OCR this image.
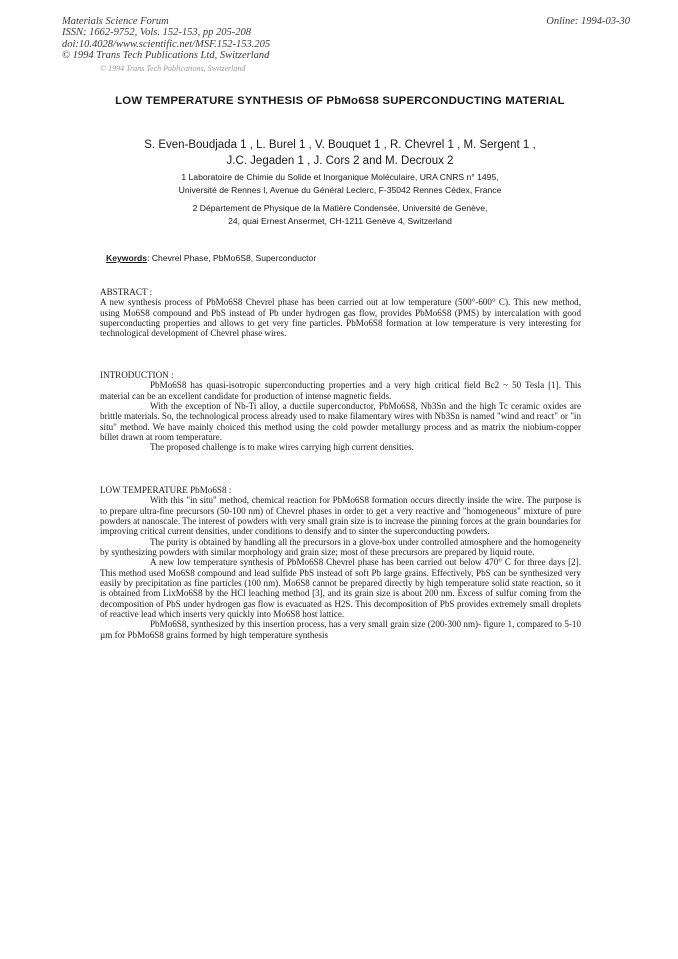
Materials Science Forum
ISSN: 1662-9752, Vols. 152-153, pp 205-208
doi:10.4028/www.scientific.net/MSF.152-153.205
© 1994 Trans Tech Publications Ltd, Switzerland
Online: 1994-03-30
© 1994 Trans Tech Publications, Switzerland
LOW TEMPERATURE SYNTHESIS OF PbMo6S8 SUPERCONDUCTING MATERIAL
S. Even-Boudjada 1 , L. Burel 1 , V. Bouquet 1 , R. Chevrel 1 , M. Sergent 1 ,
J.C. Jegaden 1 , J. Cors 2 and M. Decroux 2
1 Laboratoire de Chimie du Solide et Inorganique Moléculaire, URA CNRS n° 1495,
Université de Rennes I, Avenue du Général Leclerc, F-35042 Rennes Cédex, France
2 Département de Physique de la Matière Condensée, Université de Genève,
24, quai Ernest Ansermet, CH-1211 Genève 4, Switzerland
Keywords: Chevrel Phase, PbMo6S8, Superconductor

ABSTRACT :

A new synthesis process of PbMo6S8 Chevrel phase has been carried out at low temperature (500°-600° C). This new method, using Mo6S8 compound and PbS instead of Pb under hydrogen gas flow, provides PbMo6S8 (PMS) by intercalation with good superconducting properties and allows to get very fine particles. PbMo6S8 formation at low temperature is very interesting for technological development of Chevrel phase wires.

INTRODUCTION :

PbMo6S8 has quasi-isotropic superconducting properties and a very high critical field Bc2 ~ 50 Tesla [1]. This material can be an excellent candidate for production of intense magnetic fields.

With the exception of Nb-Ti alloy, a ductile superconductor, PbMo6S8, Nb3Sn and the high Tc ceramic oxides are brittle materials. So, the technological process already used to make filamentary wires with Nb3Sn is named "wind and react" or "in situ" method. We have mainly choiced this method using the cold powder metallurgy process and as matrix the niobium-copper billet drawn at room temperature.

The proposed challenge is to make wires carrying high current densities.

LOW TEMPERATURE PbMo6S8 :

With this "in situ" method, chemical reaction for PbMo6S8 formation occurs directly inside the wire. The purpose is to prepare ultra-fine precursors (50-100 nm) of Chevrel phases in order to get a very reactive and "homogeneous" mixture of pure powders at nanoscale. The interest of powders with very small grain size is to increase the pinning forces at the grain boundaries for improving critical current densities, under conditions to densify and to sinter the superconducting powders.

The purity is obtained by handling all the precursors in a glove-box under controlled atmosphere and the homogeneity by synthesizing powders with similar morphology and grain size; most of these precursors are prepared by liquid route.

A new low temperature synthesis of PbMo6S8 Chevrel phase has been carried out below 470° C for three days [2]. This method used Mo6S8 compound and lead sulfide PbS instead of soft Pb large grains. Effectively, PbS can be synthesized very easily by precipitation as fine particles (100 nm). Mo6S8 cannot be prepared directly by high temperature solid state reaction, so it is obtained from LixMo6S8 by the HCl leaching method [3], and its grain size is about 200 nm. Excess of sulfur coming from the decomposition of PbS under hydrogen gas flow is evacuated as H2S. This decomposition of PbS provides extremely small droplets of reactive lead which inserts very quickly into Mo6S8 host lattice.

PbMo6S8, synthesized by this insertion process, has a very small grain size (200-300 nm)- figure 1, compared to 5-10 µm for PbMo6S8 grains formed by high temperature synthesis
